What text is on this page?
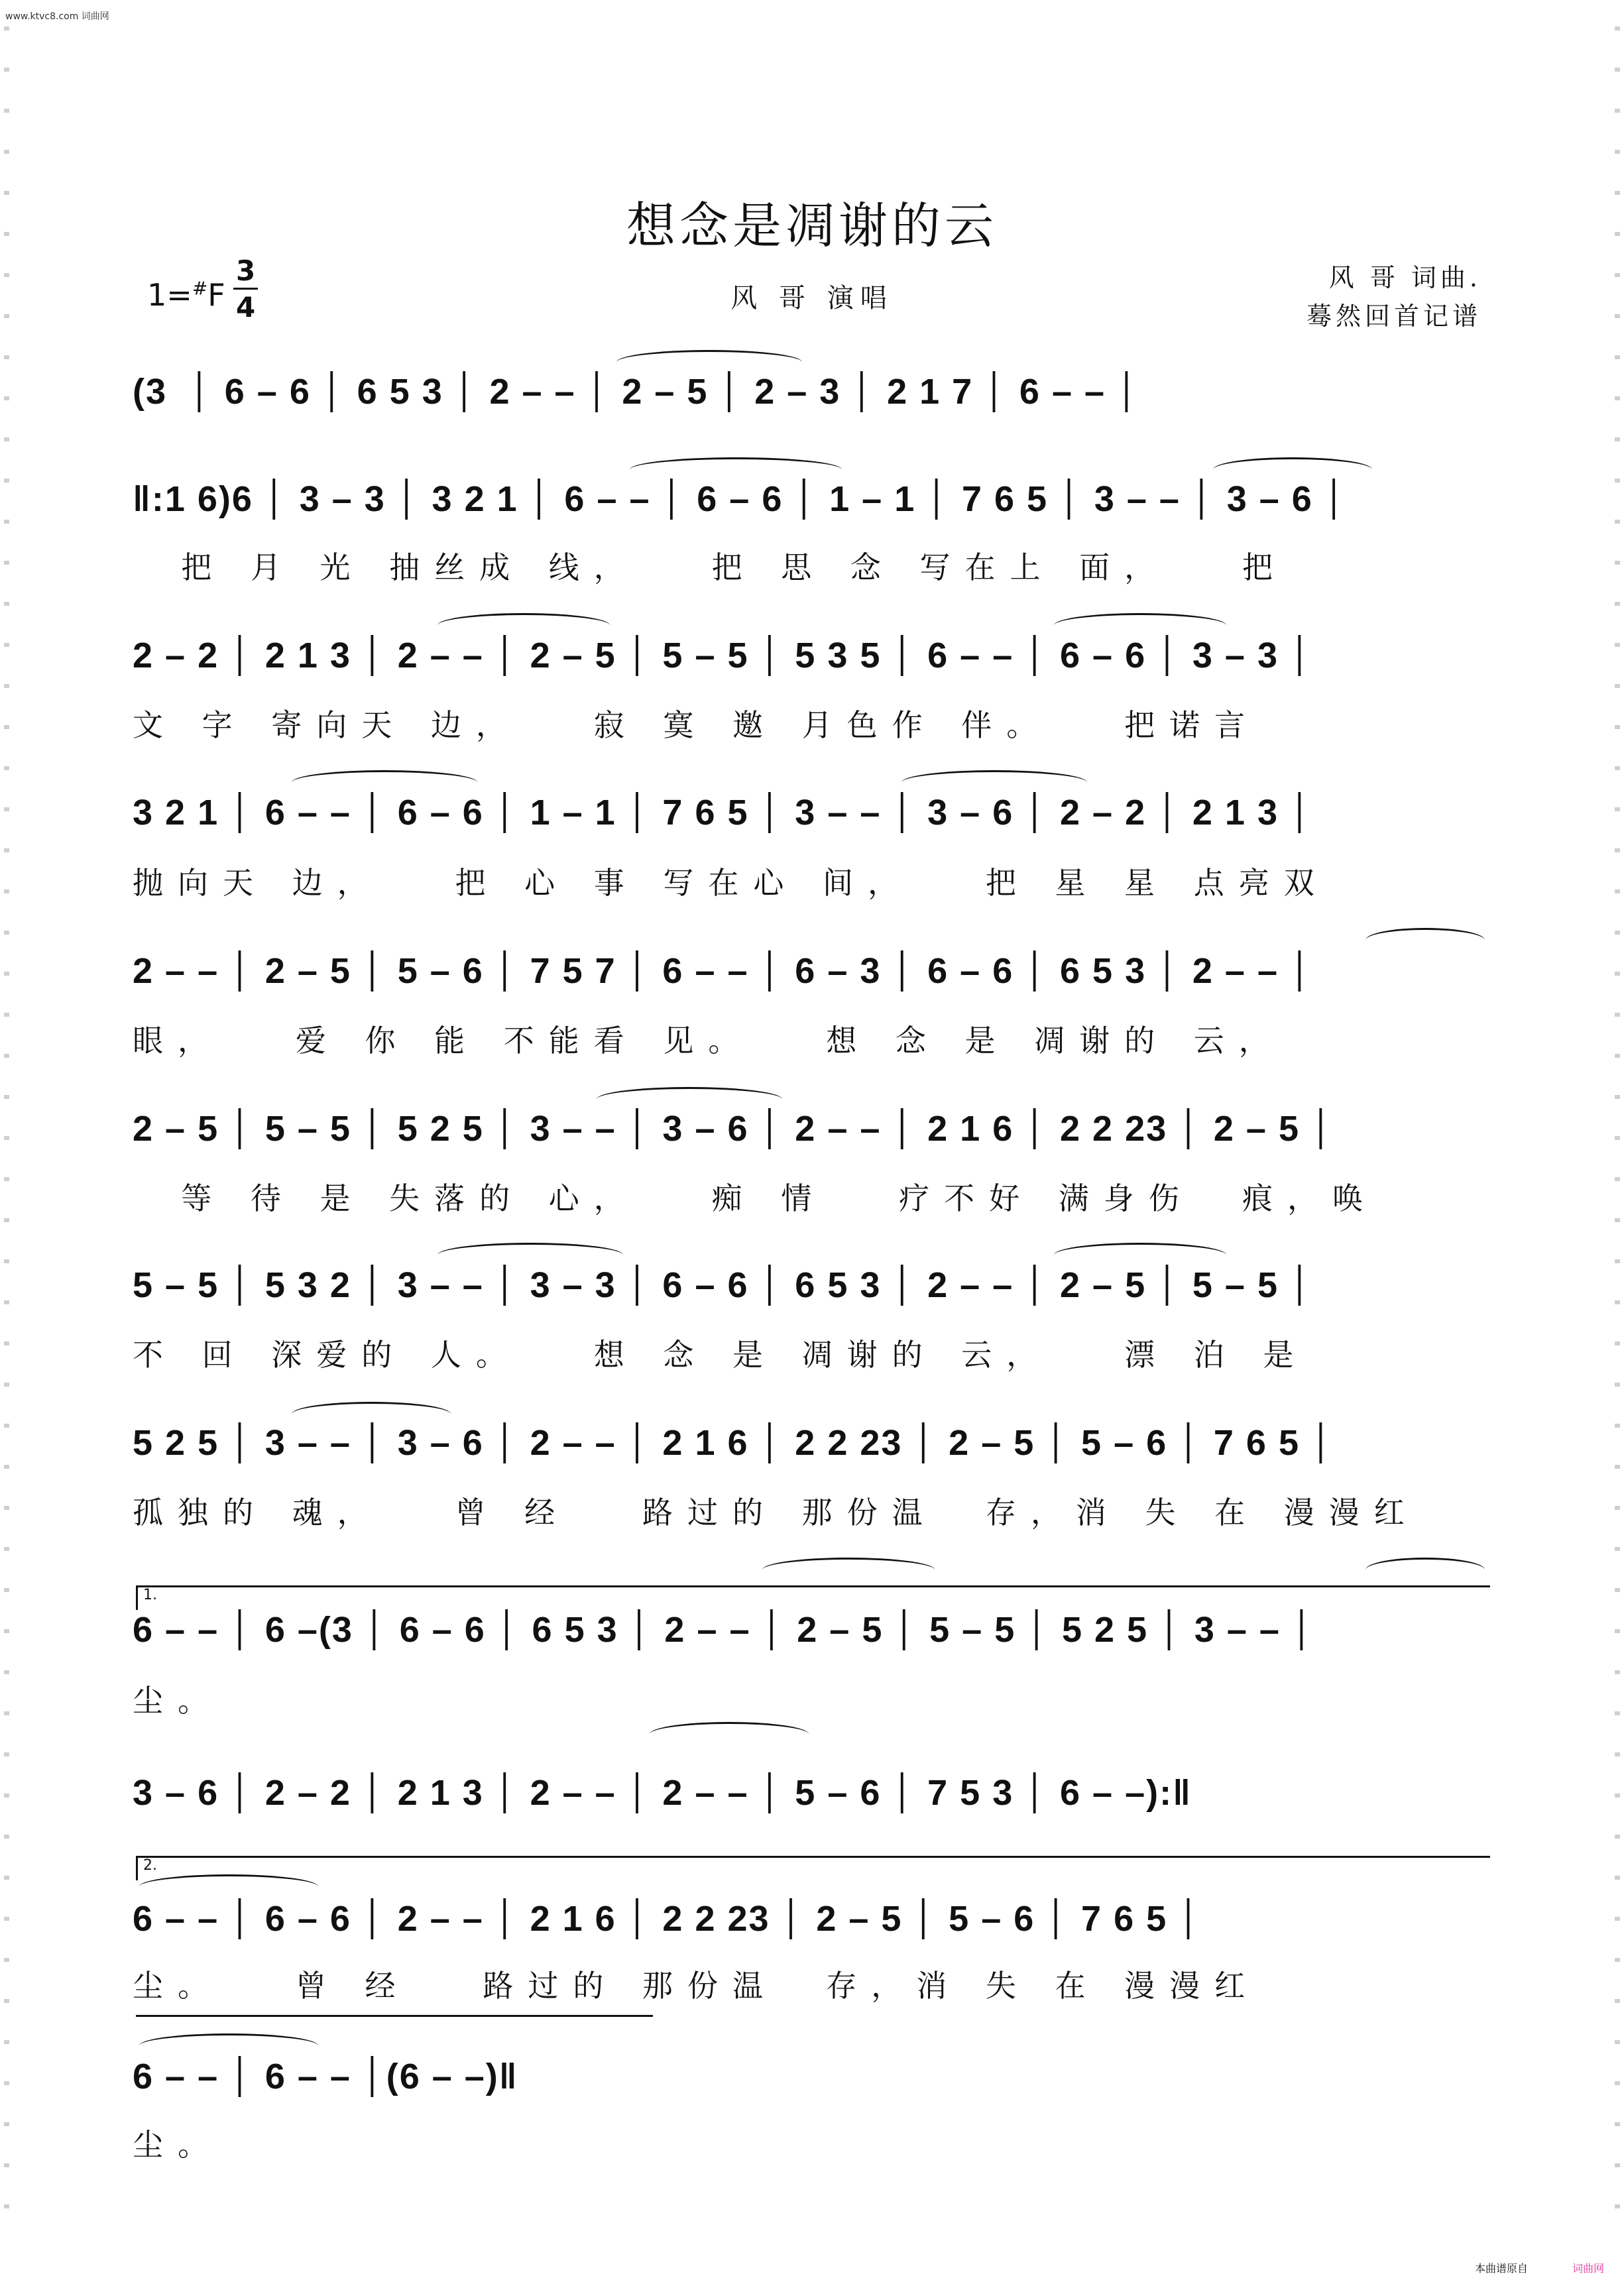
www.ktvc8.com 词曲网
想念是凋谢的云
$1=^{\#}F \frac{3}{4}$	风 哥 演唱
风 哥 词曲.
蓦然回首记谱
1.
2.
(3  │ 6 – 6 │ 6 5 3 │ 2 – – │ 2 – 5 │ 2 – 3 │ 2 1 7 │ 6 – – │
‖:1 6)6 │ 3 – 3 │ 3 2 1 │ 6 – – │ 6 – 6 │ 1 – 1 │ 7 6 5 │ 3 – – │ 3 – 6 │
把 月 光 抽丝成 线，   把 思 念 写在上 面，   把
2 – 2 │ 2 1 3 │ 2 – – │ 2 – 5 │ 5 – 5 │ 5 3 5 │ 6 – – │ 6 – 6 │ 3 – 3 │
文 字 寄向天 边，   寂 寞 邀 月色作 伴。   把诺言
3 2 1 │ 6 – – │ 6 – 6 │ 1 – 1 │ 7 6 5 │ 3 – – │ 3 – 6 │ 2 – 2 │ 2 1 3 │
抛向天 边，   把 心 事 写在心 间，   把 星 星 点亮双
2 – – │ 2 – 5 │ 5 – 6 │ 7 5 7 │ 6 – – │ 6 – 3 │ 6 – 6 │ 6 5 3 │ 2 – – │
眼，   爱 你 能 不能看 见。   想 念 是 凋谢的 云，
2 – 5 │ 5 – 5 │ 5 2 5 │ 3 – – │ 3 – 6 │ 2 – – │ 2 1 6 │ 2 2 23 │ 2 – 5 │
等 待 是 失落的 心，   痴 情   疗不好 满身伤  痕，唤
5 – 5 │ 5 3 2 │ 3 – – │ 3 – 3 │ 6 – 6 │ 6 5 3 │ 2 – – │ 2 – 5 │ 5 – 5 │
不 回 深爱的 人。   想 念 是 凋谢的 云，   漂 泊 是
5 2 5 │ 3 – – │ 3 – 6 │ 2 – – │ 2 1 6 │ 2 2 23 │ 2 – 5 │ 5 – 6 │ 7 6 5 │
孤独的 魂，   曾 经   路过的 那份温  存，消 失 在 漫漫红
6 – – │ 6 –(3 │ 6 – 6 │ 6 5 3 │ 2 – – │ 2 – 5 │ 5 – 5 │ 5 2 5 │ 3 – – │
尘。
3 – 6 │ 2 – 2 │ 2 1 3 │ 2 – – │ 2 – – │ 5 – 6 │ 7 5 3 │ 6 – –):‖
6 – – │ 6 – 6 │ 2 – – │ 2 1 6 │ 2 2 23 │ 2 – 5 │ 5 – 6 │ 7 6 5 │
尘。   曾 经   路过的 那份温  存，消 失 在 漫漫红
6 – – │ 6 – – │(6 – –)‖
尘。
本曲谱原自	词曲网
